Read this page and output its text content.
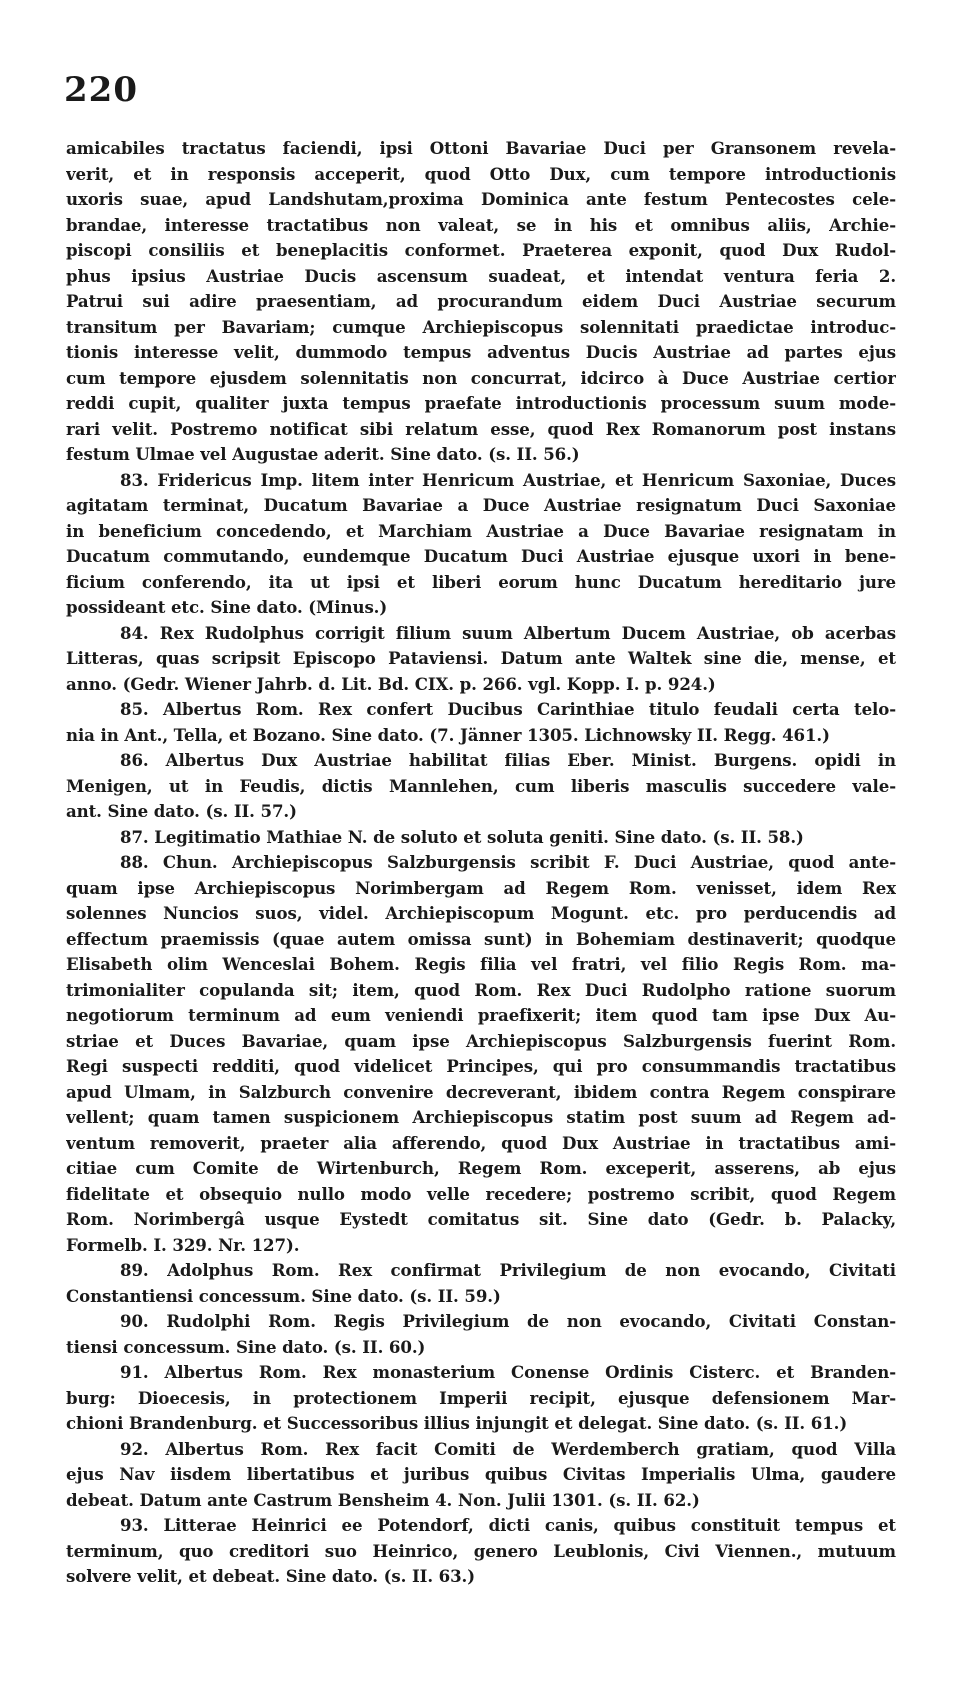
220
amicabiles tractatus faciendi, ipsi Ottoni Bavariae Duci per Gransonem revela-
verit, et in responsis acceperit, quod Otto Dux, cum tempore introductionis
uxoris suae, apud Landshutam,proxima Dominica ante festum Pentecostes cele-
brandae, interesse tractatibus non valeat, se in his et omnibus aliis, Archie-
piscopi consiliis et beneplacitis conformet. Praeterea exponit, quod Dux Rudol-
phus ipsius Austriae Ducis ascensum suadeat, et intendat ventura feria 2.
Patrui sui adire praesentiam, ad procurandum eidem Duci Austriae securum
transitum per Bavariam; cumque Archiepiscopus solennitati praedictae introduc-
tionis interesse velit, dummodo tempus adventus Ducis Austriae ad partes ejus
cum tempore ejusdem solennitatis non concurrat, idcirco à Duce Austriae certior
reddi cupit, qualiter juxta tempus praefate introductionis processum suum mode-
rari velit. Postremo notificat sibi relatum esse, quod Rex Romanorum post instans
festum Ulmae vel Augustae aderit. Sine dato. (s. II. 56.)
83. Fridericus Imp. litem inter Henricum Austriae, et Henricum Saxoniae, Duces
agitatam terminat, Ducatum Bavariae a Duce Austriae resignatum Duci Saxoniae
in beneficium concedendo, et Marchiam Austriae a Duce Bavariae resignatam in
Ducatum commutando, eundemque Ducatum Duci Austriae ejusque uxori in bene-
ficium conferendo, ita ut ipsi et liberi eorum hunc Ducatum hereditario jure
possideant etc. Sine dato. (Minus.)
84. Rex Rudolphus corrigit filium suum Albertum Ducem Austriae, ob acerbas
Litteras, quas scripsit Episcopo Pataviensi. Datum ante Waltek sine die, mense, et
anno. (Gedr. Wiener Jahrb. d. Lit. Bd. CIX. p. 266. vgl. Kopp. I. p. 924.)
85. Albertus Rom. Rex confert Ducibus Carinthiae titulo feudali certa telo-
nia in Ant., Tella, et Bozano. Sine dato. (7. Jänner 1305. Lichnowsky II. Regg. 461.)
86. Albertus Dux Austriae habilitat filias Eber. Minist. Burgens. opidi in
Menigen, ut in Feudis, dictis Mannlehen, cum liberis masculis succedere vale-
ant. Sine dato. (s. II. 57.)
87. Legitimatio Mathiae N. de soluto et soluta geniti. Sine dato. (s. II. 58.)
88. Chun. Archiepiscopus Salzburgensis scribit F. Duci Austriae, quod ante-
quam ipse Archiepiscopus Norimbergam ad Regem Rom. venisset, idem Rex
solennes Nuncios suos, videl. Archiepiscopum Mogunt. etc. pro perducendis ad
effectum praemissis (quae autem omissa sunt) in Bohemiam destinaverit; quodque
Elisabeth olim Wenceslai Bohem. Regis filia vel fratri, vel filio Regis Rom. ma-
trimonialiter copulanda sit; item, quod Rom. Rex Duci Rudolpho ratione suorum
negotiorum terminum ad eum veniendi praefixerit; item quod tam ipse Dux Au-
striae et Duces Bavariae, quam ipse Archiepiscopus Salzburgensis fuerint Rom.
Regi suspecti redditi, quod videlicet Principes, qui pro consummandis tractatibus
apud Ulmam, in Salzburch convenire decreverant, ibidem contra Regem conspirare
vellent; quam tamen suspicionem Archiepiscopus statim post suum ad Regem ad-
ventum removerit, praeter alia afferendo, quod Dux Austriae in tractatibus ami-
citiae cum Comite de Wirtenburch, Regem Rom. exceperit, asserens, ab ejus
fidelitate et obsequio nullo modo velle recedere; postremo scribit, quod Regem
Rom. Norimbergâ usque Eystedt comitatus sit. Sine dato (Gedr. b. Palacky,
Formelb. I. 329. Nr. 127).
89. Adolphus Rom. Rex confirmat Privilegium de non evocando, Civitati
Constantiensi concessum. Sine dato. (s. II. 59.)
90. Rudolphi Rom. Regis Privilegium de non evocando, Civitati Constan-
tiensi concessum. Sine dato. (s. II. 60.)
91. Albertus Rom. Rex monasterium Conense Ordinis Cisterc. et Branden-
burg: Dioecesis, in protectionem Imperii recipit, ejusque defensionem Mar-
chioni Brandenburg. et Successoribus illius injungit et delegat. Sine dato. (s. II. 61.)
92. Albertus Rom. Rex facit Comiti de Werdemberch gratiam, quod Villa
ejus Nav iisdem libertatibus et juribus quibus Civitas Imperialis Ulma, gaudere
debeat. Datum ante Castrum Bensheim 4. Non. Julii 1301. (s. II. 62.)
93. Litterae Heinrici ee Potendorf, dicti canis, quibus constituit tempus et
terminum, quo creditori suo Heinrico, genero Leublonis, Civi Viennen., mutuum
solvere velit, et debeat. Sine dato. (s. II. 63.)
